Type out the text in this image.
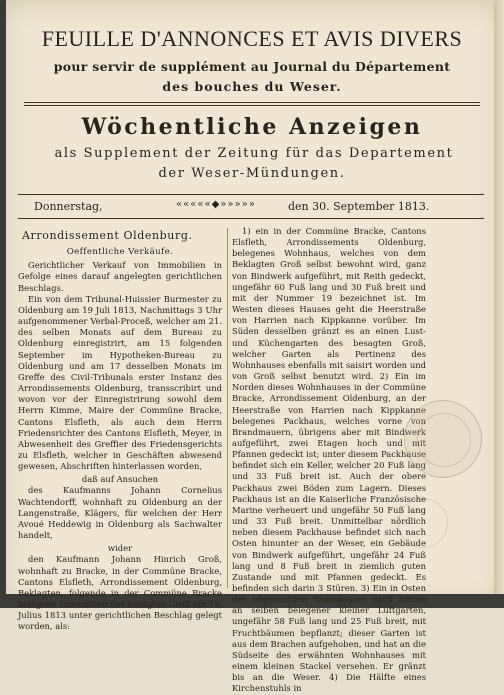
FEUILLE D'ANNONCES ET AVIS DIVERS
pour servir de supplément au Journal du Département
des bouches du Weser.
Wöchentliche Anzeigen
als Supplement der Zeitung für das Departement
der Weser-Mündungen.
Donnerstag,	«««««◆»»»»»	den 30. September 1813.

Arrondissement Oldenburg.

Oeffentliche Verkäufe.

Gerichtlicher Verkauf von Immobilien in Gefolge eines darauf angelegten gerichtlichen Beschlags.

Ein von dem Tribunal-Huissier Burmester zu Oldenburg am 19 Juli 1813, Nachmittags 3 Uhr aufgenommener Verbal-Proceß, welcher am 21. des selben Monats auf dem Bureau zu Oldenburg einregistrirt, am 15 folgenden September im Hypotheken-Bureau zu Oldenburg und am 17 desselben Monats im Greffe des Civil-Tribunals erster Instanz des Arrondissements Oldenburg, transscribirt und wovon vor der Einregistrirung sowohl dem Herrn Kimme, Maire der Commüne Bracke, Cantons Elsfleth, als auch dem Herrn Friedensrichter des Cantons Elsfleth, Meyer, in Abwesenheit des Greffier des Friedensgerichts zu Elsfleth, welcher in Geschäften abwesend gewesen, Abschriften hinterlassen worden,

daß auf Ansuchen

des Kaufmanns Johann Cornelius Wachtendorff, wohnhaft zu Oldenburg an der Langenstraße, Klägers, für welchen der Herr Avoué Heddewig in Oldenburg als Sachwalter handelt,

wider

den Kaufmann Johann Hinrich Groß, wohnhaft zu Bracke, in der Commüne Bracke, Cantons Elsfleth, Arrondissement Oldenburg, Beklagten, folgende in der Commüne Bracke belegene Immobilien des besagten Groß am 19. Julius 1813 unter gerichtlichen Beschlag gelegt worden, als:

1) ein in der Commüne Bracke, Cantons Elsfleth, Arrondissements Oldenburg, belegenes Wohnhaus, welches von dem Beklagten Groß selbst bewohnt wird, ganz von Bindwerk aufgeführt, mit Reith gedeckt, ungefähr 60 Fuß lang und 30 Fuß breit und mit der Nummer 19 bezeichnet ist. Im Westen dieses Hauses geht die Heerstraße von Harrien nach Kippkanne vorüber. Im Süden desselben gränzt es an einen Lust- und Küchengarten des besagten Groß, welcher Garten als Pertinenz des Wohnhauses ebenfalls mit saisirt worden und von Groß selbst benutzt wird. 2) Ein im Norden dieses Wohnhauses in der Commüne Bracke, Arrondissement Oldenburg, an der Heerstraße von Harrien nach Kippkanne belegenes Packhaus, welches vorne von Brandmauern, übrigens aber mit Bindwerk aufgeführt, zwei Etagen hoch und mit Pfannen gedeckt ist; unter diesem Packhause befindet sich ein Keller, welcher 20 Fuß lang und 33 Fuß breit ist. Auch der obere Packhaus zwei Böden zum Lagern. Dieses Packhaus ist an die Kaiserliche Französische Marine verheuert und ungefähr 50 Fuß lang und 33 Fuß breit. Unmittelbar nördlich neben diesem Packhause befindet sich nach Osten hinunter an der Weser, ein Gebäude von Bindwerk aufgeführt, ungefähr 24 Fuß lang und 8 Fuß breit in ziemlich guten Zustande und mit Pfannen gedeckt. Es befinden sich darin 3 Stüren. 3) Ein in Osten des obgedachten Wohnhauses nach hinten an selben belegener kleiner Luftgarten, ungefähr 58 Fuß lang und 25 Fuß breit, mit Fruchtbäumen bepflanzt; dieser Garten ist aus dem Brachen aufgehoben, und hat an die Südseite des erwähnten Wohnhauses mit einem kleinen Stackel versehen. Er gränzt bis an die Weser. 4) Die Hälfte eines Kirchenstuhls in
